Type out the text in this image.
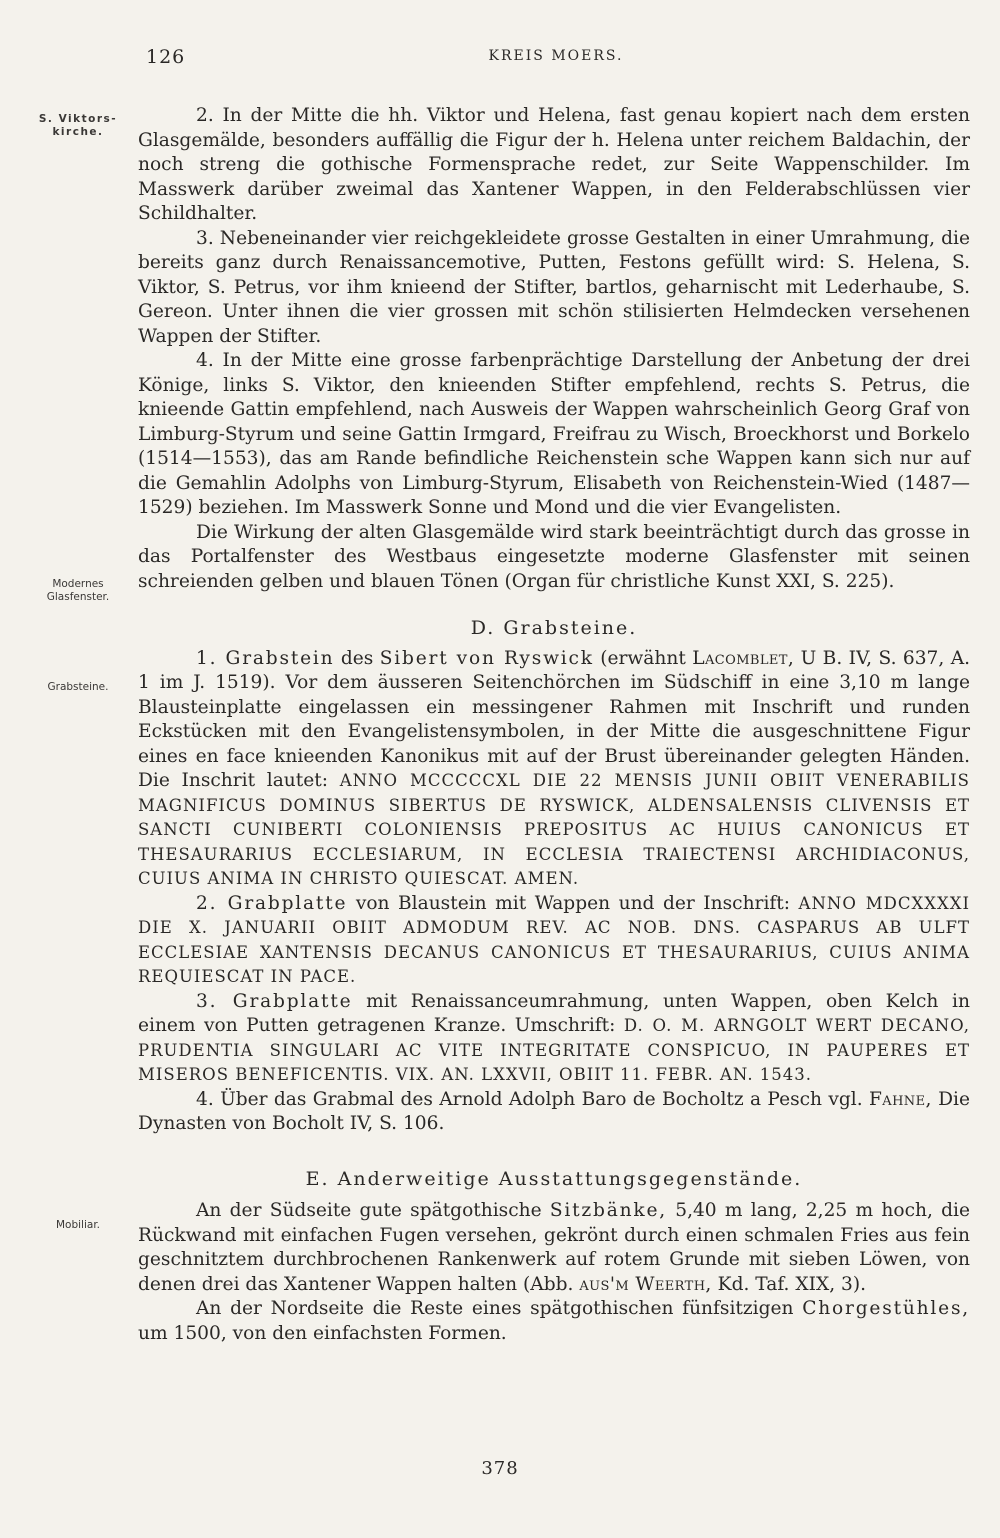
126	KREIS MOERS.
S. Viktors-kirche.
Modernes Glasfenster.
Grabsteine.
Mobiliar.

2. In der Mitte die hh. Viktor und Helena, fast genau kopiert nach dem ersten Glasgemälde, besonders auffällig die Figur der h. Helena unter reichem Baldachin, der noch streng die gothische Formensprache redet, zur Seite Wappenschilder. Im Masswerk darüber zweimal das Xantener Wappen, in den Felderabschlüssen vier Schildhalter.

3. Nebeneinander vier reichgekleidete grosse Gestalten in einer Umrahmung, die bereits ganz durch Renaissancemotive, Putten, Festons gefüllt wird: S. Helena, S. Viktor, S. Petrus, vor ihm knieend der Stifter, bartlos, geharnischt mit Lederhaube, S. Gereon. Unter ihnen die vier grossen mit schön stilisierten Helmdecken versehenen Wappen der Stifter.

4. In der Mitte eine grosse farbenprächtige Darstellung der Anbetung der drei Könige, links S. Viktor, den knieenden Stifter empfehlend, rechts S. Petrus, die knieende Gattin empfehlend, nach Ausweis der Wappen wahrscheinlich Georg Graf von Limburg-Styrum und seine Gattin Irmgard, Freifrau zu Wisch, Broeckhorst und Borkelo (1514—1553), das am Rande befindliche Reichenstein sche Wappen kann sich nur auf die Gemahlin Adolphs von Limburg-Styrum, Elisabeth von Reichenstein-Wied (1487—1529) beziehen. Im Masswerk Sonne und Mond und die vier Evangelisten.

Die Wirkung der alten Glasgemälde wird stark beeinträchtigt durch das grosse in das Portalfenster des Westbaus eingesetzte moderne Glasfenster mit seinen schreienden gelben und blauen Tönen (Organ für christliche Kunst XXI, S. 225).

D. Grabsteine.

1. Grabstein des Sibert von Ryswick (erwähnt Lacomblet, U B. IV, S. 637, A. 1 im J. 1519). Vor dem äusseren Seitenchörchen im Südschiff in eine 3,10 m lange Blausteinplatte eingelassen ein messingener Rahmen mit Inschrift und runden Eckstücken mit den Evangelistensymbolen, in der Mitte die ausgeschnittene Figur eines en face knieenden Kanonikus mit auf der Brust übereinander gelegten Händen. Die Inschrit lautet: ANNO MCCCCCXL DIE 22 MENSIS JUNII OBIIT VENERABILIS MAGNIFICUS DOMINUS SIBERTUS DE RYSWICK, ALDENSALENSIS CLIVENSIS ET SANCTI CUNIBERTI COLONIENSIS PREPOSITUS AC HUIUS CANONICUS ET THESAURARIUS ECCLESIARUM, IN ECCLESIA TRAIECTENSI ARCHIDIACONUS, CUIUS ANIMA IN CHRISTO QUIESCAT. AMEN.

2. Grabplatte von Blaustein mit Wappen und der Inschrift: ANNO MDCXXXXI DIE X. JANUARII OBIIT ADMODUM REV. AC NOB. DNS. CASPARUS AB ULFT ECCLESIAE XANTENSIS DECANUS CANONICUS ET THESAURARIUS, CUIUS ANIMA REQUIESCAT IN PACE.

3. Grabplatte mit Renaissanceumrahmung, unten Wappen, oben Kelch in einem von Putten getragenen Kranze. Umschrift: D. O. M. ARNGOLT WERT DECANO, PRUDENTIA SINGULARI AC VITE INTEGRITATE CONSPICUO, IN PAUPERES ET MISEROS BENEFICENTIS. VIX. AN. LXXVII, OBIIT 11. FEBR. AN. 1543.

4. Über das Grabmal des Arnold Adolph Baro de Bocholtz a Pesch vgl. Fahne, Die Dynasten von Bocholt IV, S. 106.

E. Anderweitige Ausstattungsgegenstände.

An der Südseite gute spätgothische Sitzbänke, 5,40 m lang, 2,25 m hoch, die Rückwand mit einfachen Fugen versehen, gekrönt durch einen schmalen Fries aus fein geschnitztem durchbrochenen Rankenwerk auf rotem Grunde mit sieben Löwen, von denen drei das Xantener Wappen halten (Abb. aus'm Weerth, Kd. Taf. XIX, 3).

An der Nordseite die Reste eines spätgothischen fünfsitzigen Chorgestühles, um 1500, von den einfachsten Formen.

378
